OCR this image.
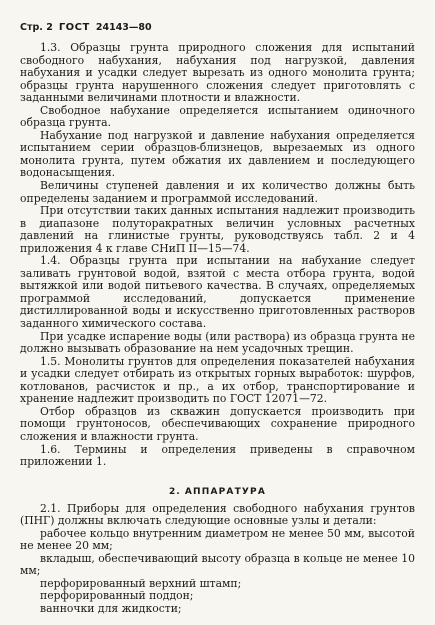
Стр. 2 ГОСТ 24143—80

1.3. Образцы грунта природного сложения для испытаний свободного набухания, набухания под нагрузкой, давления набухания и усадки следует вырезать из одного монолита грунта; образцы грунта нарушенного сложения следует приготовлять с заданными величинами плотности и влажности.

Свободное набухание определяется испытанием одиночного образца грунта.

Набухание под нагрузкой и давление набухания определяется испытанием серии образцов-близнецов, вырезаемых из одного монолита грунта, путем обжатия их давлением и последующего водонасыщения.

Величины ступеней давления и их количество должны быть определены заданием и программой исследований.

При отсутствии таких данных испытания надлежит производить в диапазоне полуторакратных величин условных расчетных давлений на глинистые грунты, руководствуясь табл. 2 и 4 приложения 4 к главе СНиП II—15—74.

1.4. Образцы грунта при испытании на набухание следует заливать грунтовой водой, взятой с места отбора грунта, водой вытяжкой или водой питьевого качества. В случаях, определяемых программой исследований, допускается применение дистиллированной воды и искусственно приготовленных растворов заданного химического состава.

При усадке испарение воды (или раствора) из образца грунта не должно вызывать образование на нем усадочных трещин.

1.5. Монолиты грунтов для определения показателей набухания и усадки следует отбирать из открытых горных выработок: шурфов, котлованов, расчисток и пр., а их отбор, транспортирование и хранение надлежит производить по ГОСТ 12071—72.

Отбор образцов из скважин допускается производить при помощи грунтоносов, обеспечивающих сохранение природного сложения и влажности грунта.

1.6. Термины и определения приведены в справочном приложении 1.

2. АППАРАТУРА

2.1. Приборы для определения свободного набухания грунтов (ПНГ) должны включать следующие основные узлы и детали:

рабочее кольцо внутренним диаметром не менее 50 мм, высотой не менее 20 мм;

вкладыш, обеспечивающий высоту образца в кольце не менее 10 мм;

перфорированный верхний штамп;

перфорированный поддон;

ванночки для жидкости;
